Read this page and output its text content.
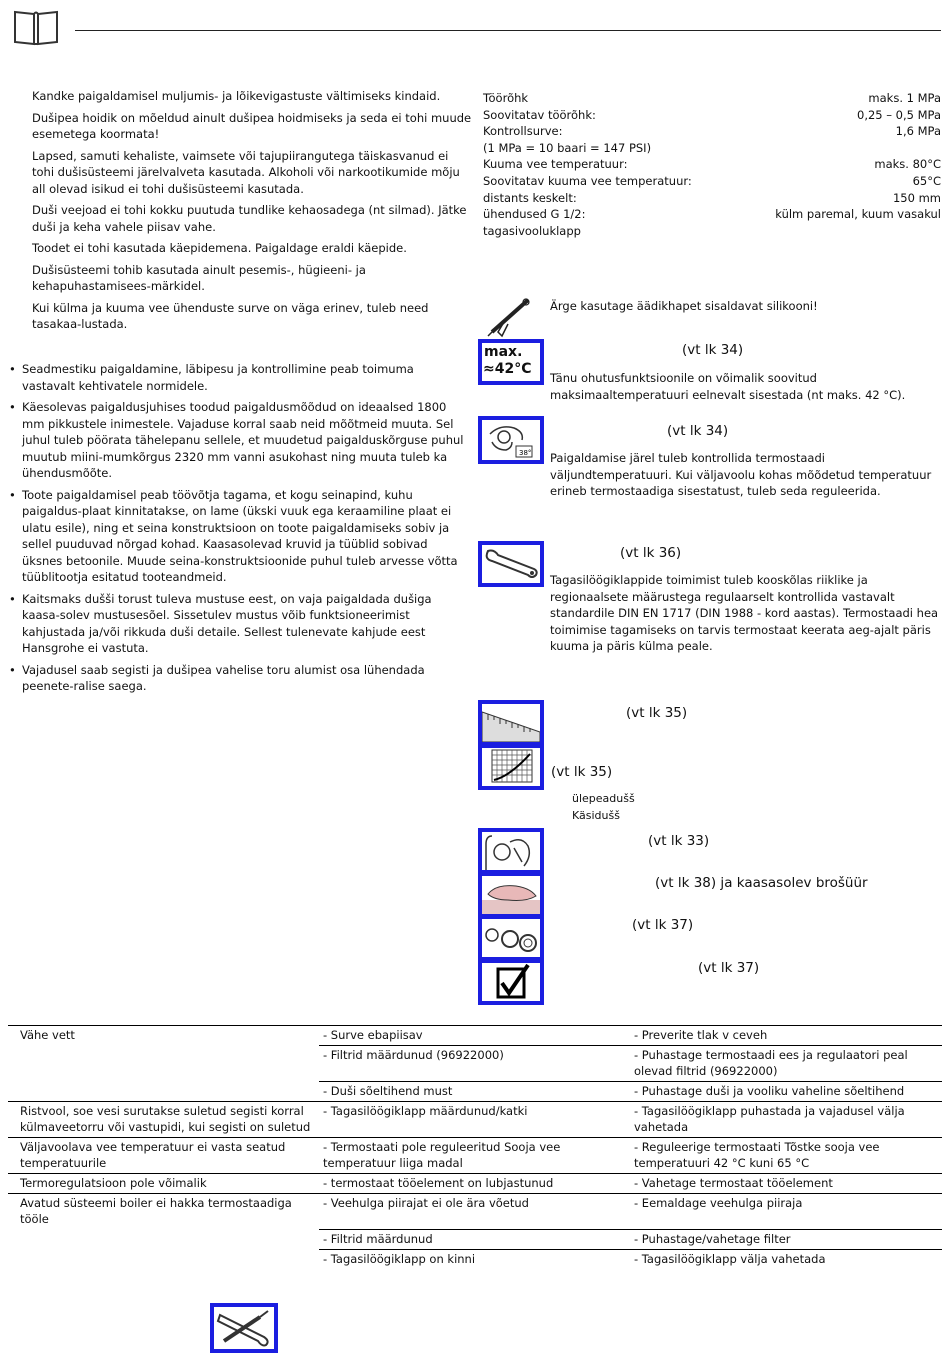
Kandke paigaldamisel muljumis- ja lõikevigastuste vältimiseks kindaid.

Dušipea hoidik on mõeldud ainult dušipea hoidmiseks ja seda ei tohi muude esemetega koormata!

Lapsed, samuti kehaliste, vaimsete või tajupiirangutega täiskasvanud ei tohi dušisüsteemi järelvalveta kasutada. Alkoholi või narkootikumide mõju all olevad isikud ei tohi dušisüsteemi kasutada.

Duši veejoad ei tohi kokku puutuda tundlike kehaosadega (nt silmad). Jätke duši ja keha vahele piisav vahe.

Toodet ei tohi kasutada käepidemena. Paigaldage eraldi käepide.

Dušisüsteemi tohib kasutada ainult pesemis-, hügieeni- ja kehapuhastamisees-märkidel.

Kui külma ja kuuma vee ühenduste surve on väga erinev, tuleb need tasakaa-lustada.

• Seadmestiku paigaldamine, läbipesu ja kontrollimine peab toimuma vastavalt kehtivatele normidele.
• Käesolevas paigaldusjuhises toodud paigaldusmõõdud on ideaalsed 1800 mm pikkustele inimestele. Vajaduse korral saab neid mõõtmeid muuta. Sel juhul tuleb pöörata tähelepanu sellele, et muudetud paigalduskõrguse puhul muutub miini-mumkõrgus 2320 mm vanni asukohast ning muuta tuleb ka ühendusmõõte.
• Toote paigaldamisel peab töövõtja tagama, et kogu seinapind, kuhu paigaldus-plaat kinnitatakse, on lame (ükski vuuk ega keraamiline plaat ei ulatu esile), ning et seina konstruktsioon on toote paigaldamiseks sobiv ja sellel puuduvad nõrgad kohad. Kaasasolevad kruvid ja tüüblid sobivad üksnes betoonile. Muude seina-konstruktsioonide puhul tuleb arvesse võtta tüüblitootja esitatud tooteandmeid.
• Kaitsmaks dušši torust tuleva mustuse eest, on vaja paigaldada dušiga kaasa-solev mustusesõel. Sissetulev mustus võib funktsioneerimist kahjustada ja/või rikkuda duši detaile. Sellest tulenevate kahjude eest Hansgrohe ei vastuta.
• Vajadusel saab segisti ja dušipea vahelise toru alumist osa lühendada peenete-ralise saega.
Töörõhk	maks. 1 MPa
Soovitatav töörõhk:	0,25 – 0,5 MPa
Kontrollsurve:	1,6 MPa
(1 MPa = 10 baari = 147 PSI)
Kuuma vee temperatuur:	maks. 80°C
Soovitatav kuuma vee temperatuur:	65°C
distants keskelt:	150 mm
ühendused G 1/2:	külm paremal, kuum vasakul
tagasivooluklapp

Ärge kasutage äädikhapet sisaldavat silikooni!

max.
≈42°C

(vt lk 34)

Tänu ohutusfunktsioonile on võimalik soovitud maksimaaltemperatuuri eelnevalt sisestada (nt maks. 42 °C).

38°

(vt lk 34)

Paigaldamise järel tuleb kontrollida termostaadi väljundtemperatuuri. Kui väljavoolu kohas mõõdetud temperatuur erineb termostaadiga sisestatust, tuleb seda reguleerida.

(vt lk 36)

Tagasilöögiklappide toimimist tuleb kooskõlas riiklike ja regionaalsete määrustega regulaarselt kontrollida vastavalt standardile DIN EN 1717 (DIN 1988 - kord aastas). Termostaadi hea toimimise tagamiseks on tarvis termostaat keerata aeg-ajalt päris kuuma ja päris külma peale.

(vt lk 35)

(vt lk 35)

ülepeadušš

Käsidušš

(vt lk 33)

(vt lk 38) ja kaasasolev brošüür

(vt lk 37)

(vt lk 37)

Vähe vett	- Surve ebapiisav	- Preverite tlak v ceveh
	- Filtrid määrdunud (96922000)	- Puhastage termostaadi ees ja regulaatori peal olevad filtrid (96922000)
	- Duši sõeltihend must	- Puhastage duši ja vooliku vaheline sõeltihend
Ristvool, soe vesi surutakse suletud segisti korral külmaveetorru või vastupidi, kui segisti on suletud	- Tagasilöögiklapp määrdunud/katki	- Tagasilöögiklapp puhastada ja vajadusel välja vahetada
Väljavoolava vee temperatuur ei vasta seatud temperatuurile	- Termostaati pole reguleeritud Sooja vee temperatuur liiga madal	- Reguleerige termostaati Tõstke sooja vee temperatuuri 42 °C kuni 65 °C
Termoregulatsioon pole võimalik	- termostaat tööelement on lubjastunud	- Vahetage termostaat tööelement
Avatud süsteemi boiler ei hakka termostaadiga tööle	- Veehulga piirajat ei ole ära võetud	- Eemaldage veehulga piiraja
	- Filtrid määrdunud	- Puhastage/vahetage filter
	- Tagasilöögiklapp on kinni	- Tagasilöögiklapp välja vahetada
